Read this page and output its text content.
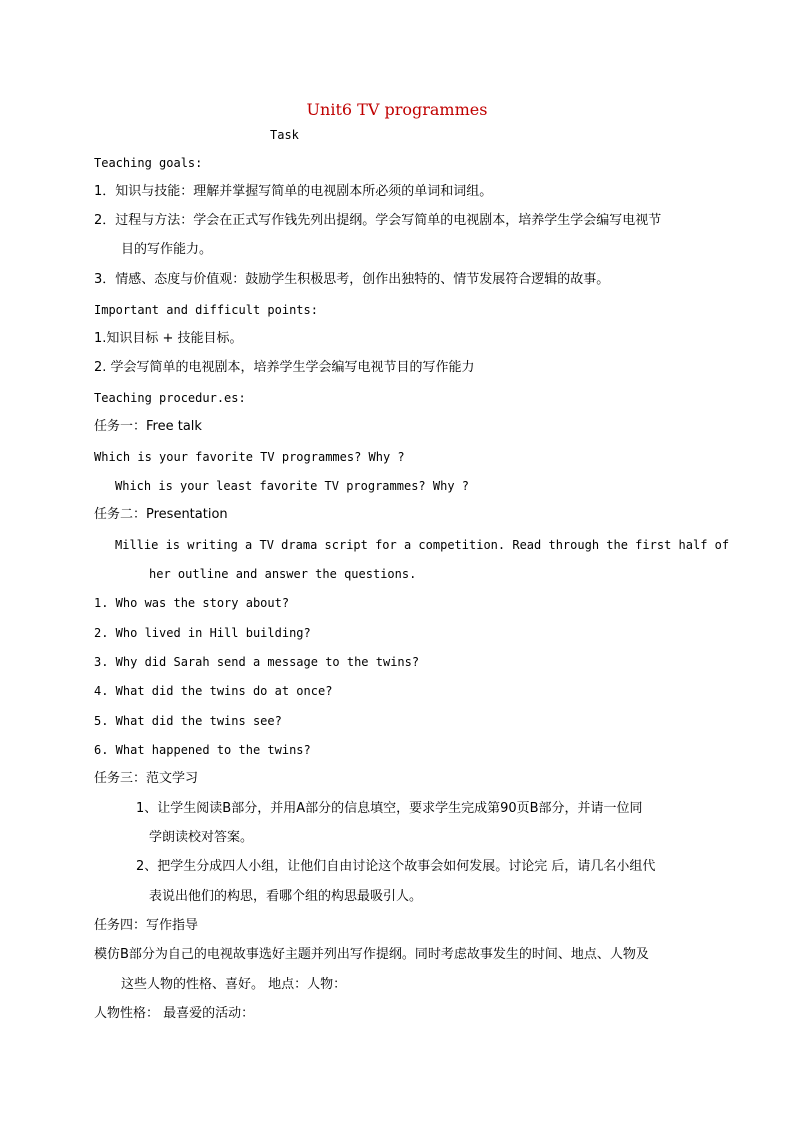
Unit6 TV programmes
Task
Teaching goals:
1．知识与技能：理解并掌握写简单的电视剧本所必须的单词和词组。
2．过程与方法：学会在正式写作钱先列出提纲。学会写简单的电视剧本，培养学生学会编写电视节
目的写作能力。
3．情感、态度与价值观：鼓励学生积极思考，创作出独特的、情节发展符合逻辑的故事。
Important and difficult points:
1.知识目标 + 技能目标。
2. 学会写简单的电视剧本，培养学生学会编写电视节目的写作能力
Teaching procedur.es:
任务一：Free talk
Which is your favorite TV programmes? Why ?
Which is your least favorite TV programmes? Why ?
任务二：Presentation
Millie is writing a TV drama script for a competition. Read through the first half of
her outline and answer the questions.
1. Who was the story about?
2. Who lived in Hill building?
3. Why did Sarah send a message to the twins?
4. What did the twins do at once?
5. What did the twins see?
6. What happened to the twins?
任务三：范文学习
1、让学生阅读B部分，并用A部分的信息填空，要求学生完成第90页B部分，并请一位同
学朗读校对答案。
2、把学生分成四人小组，让他们自由讨论这个故事会如何发展。讨论完 后，请几名小组代
表说出他们的构思，看哪个组的构思最吸引人。
任务四：写作指导
模仿B部分为自己的电视故事选好主题并列出写作提纲。同时考虑故事发生的时间、地点、人物及
这些人物的性格、喜好。 地点：人物：
人物性格： 最喜爱的活动：
